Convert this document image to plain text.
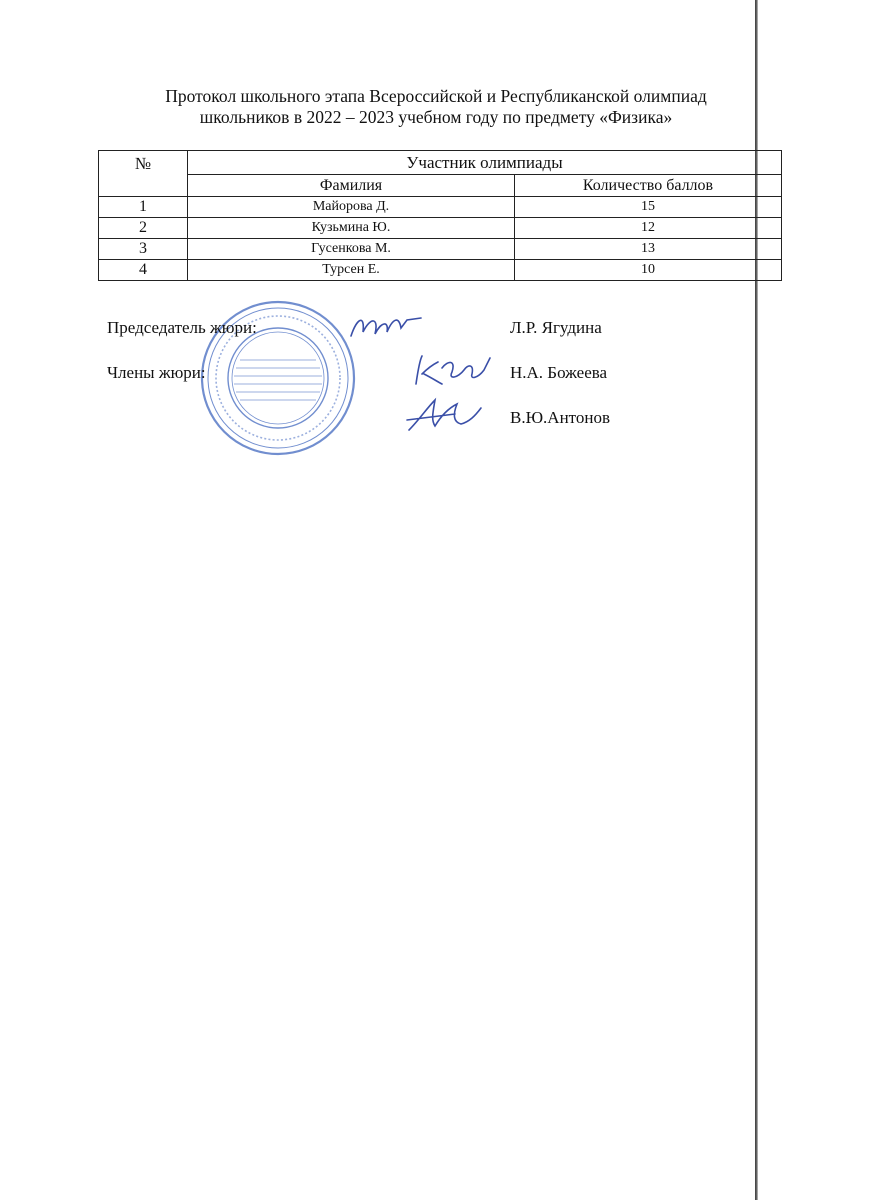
Протокол школьного этапа Всероссийской и Республиканской олимпиад
школьников в 2022 – 2023 учебном году по предмету «Физика»
№	Участник олимпиады	
	Фамилия	Количество баллов
1	Майорова Д.	15
2	Кузьмина Ю.	12
3	Гусенкова М.	13
4	Турсен Е.	10
Председатель жюри:	Л.Р. Ягудина
Члены жюри:	Н.А. Божеева
В.Ю.Антонов
